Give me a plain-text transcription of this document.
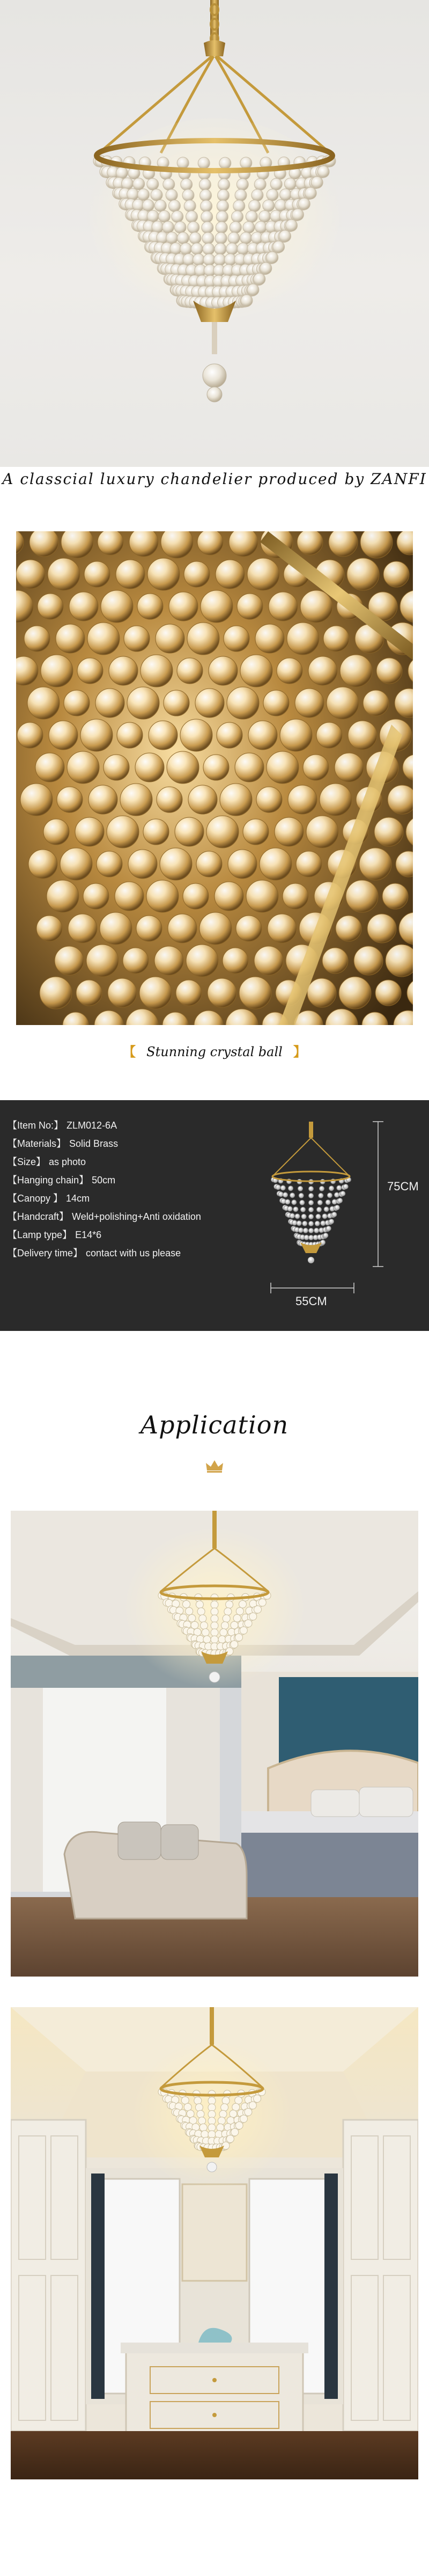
A classcial luxury chandelier produced by ZANFI
【 Stunning crystal ball 】
【Item No:】 ZLM012-6A
【Materials】 Solid Brass
【Size】 as photo
【Hanging chain】 50cm
【Canopy 】 14cm
【Handcraft】 Weld+polishing+Anti oxidation
【Lamp type】 E14*6
【Delivery time】 contact with us please
75CM
55CM
Application
